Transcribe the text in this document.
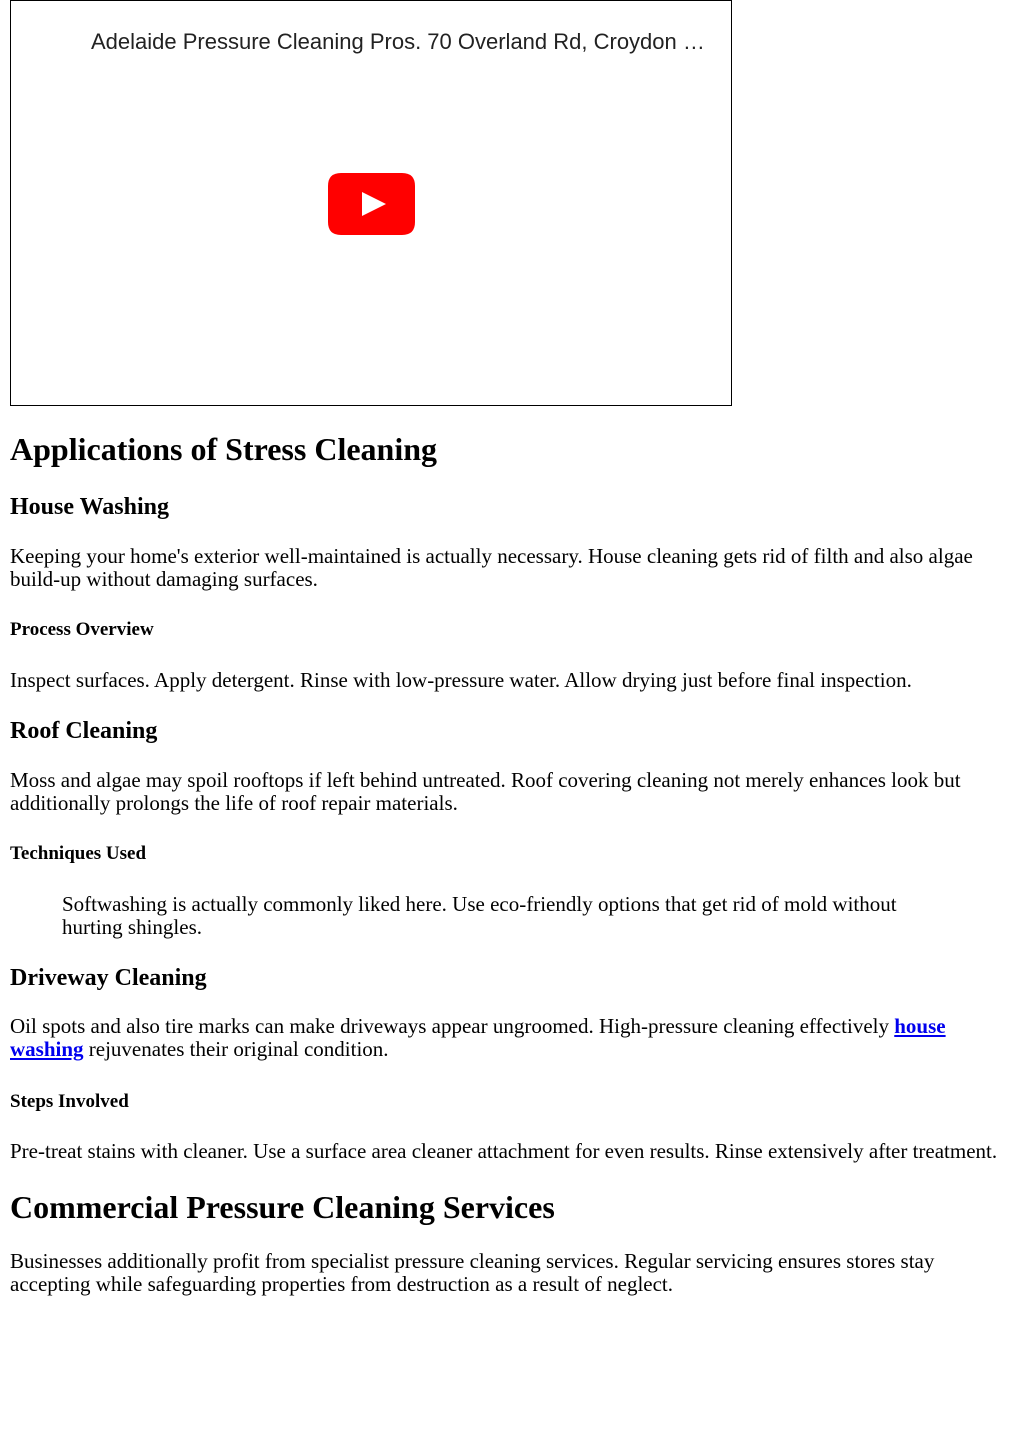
Adelaide Pressure Cleaning Pros. 70 Overland Rd, Croydon …
Applications of Stress Cleaning
House Washing

Keeping your home's exterior well-maintained is actually necessary. House cleaning gets rid of filth and also algae build-up without damaging surfaces.

Process Overview

Inspect surfaces. Apply detergent. Rinse with low-pressure water. Allow drying just before final inspection.

Roof Cleaning

Moss and algae may spoil rooftops if left behind untreated. Roof covering cleaning not merely enhances look but additionally prolongs the life of roof repair materials.

Techniques Used
Softwashing is actually commonly liked here. Use eco-friendly options that get rid of mold without hurting shingles.
Driveway Cleaning

Oil spots and also tire marks can make driveways appear ungroomed. High-pressure cleaning effectively house washing rejuvenates their original condition.

Steps Involved

Pre-treat stains with cleaner. Use a surface area cleaner attachment for even results. Rinse extensively after treatment.

Commercial Pressure Cleaning Services

Businesses additionally profit from specialist pressure cleaning services. Regular servicing ensures stores stay accepting while safeguarding properties from destruction as a result of neglect.
